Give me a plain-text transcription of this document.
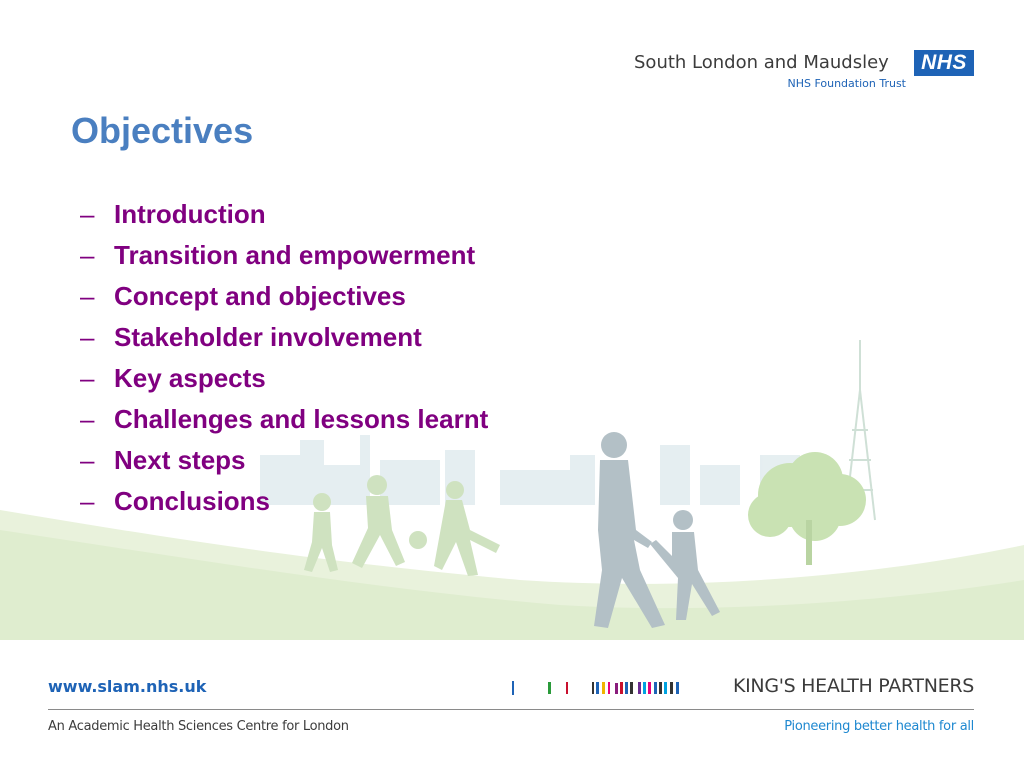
South London and Maudsley	NHS
NHS Foundation Trust
Objectives
– Introduction
– Transition and empowerment
– Concept and objectives
– Stakeholder involvement
– Key aspects
– Challenges and lessons learnt
– Next steps
– Conclusions
www.slam.nhs.uk	KING'S HEALTH PARTNERS
An Academic Health Sciences Centre for London	Pioneering better health for all
